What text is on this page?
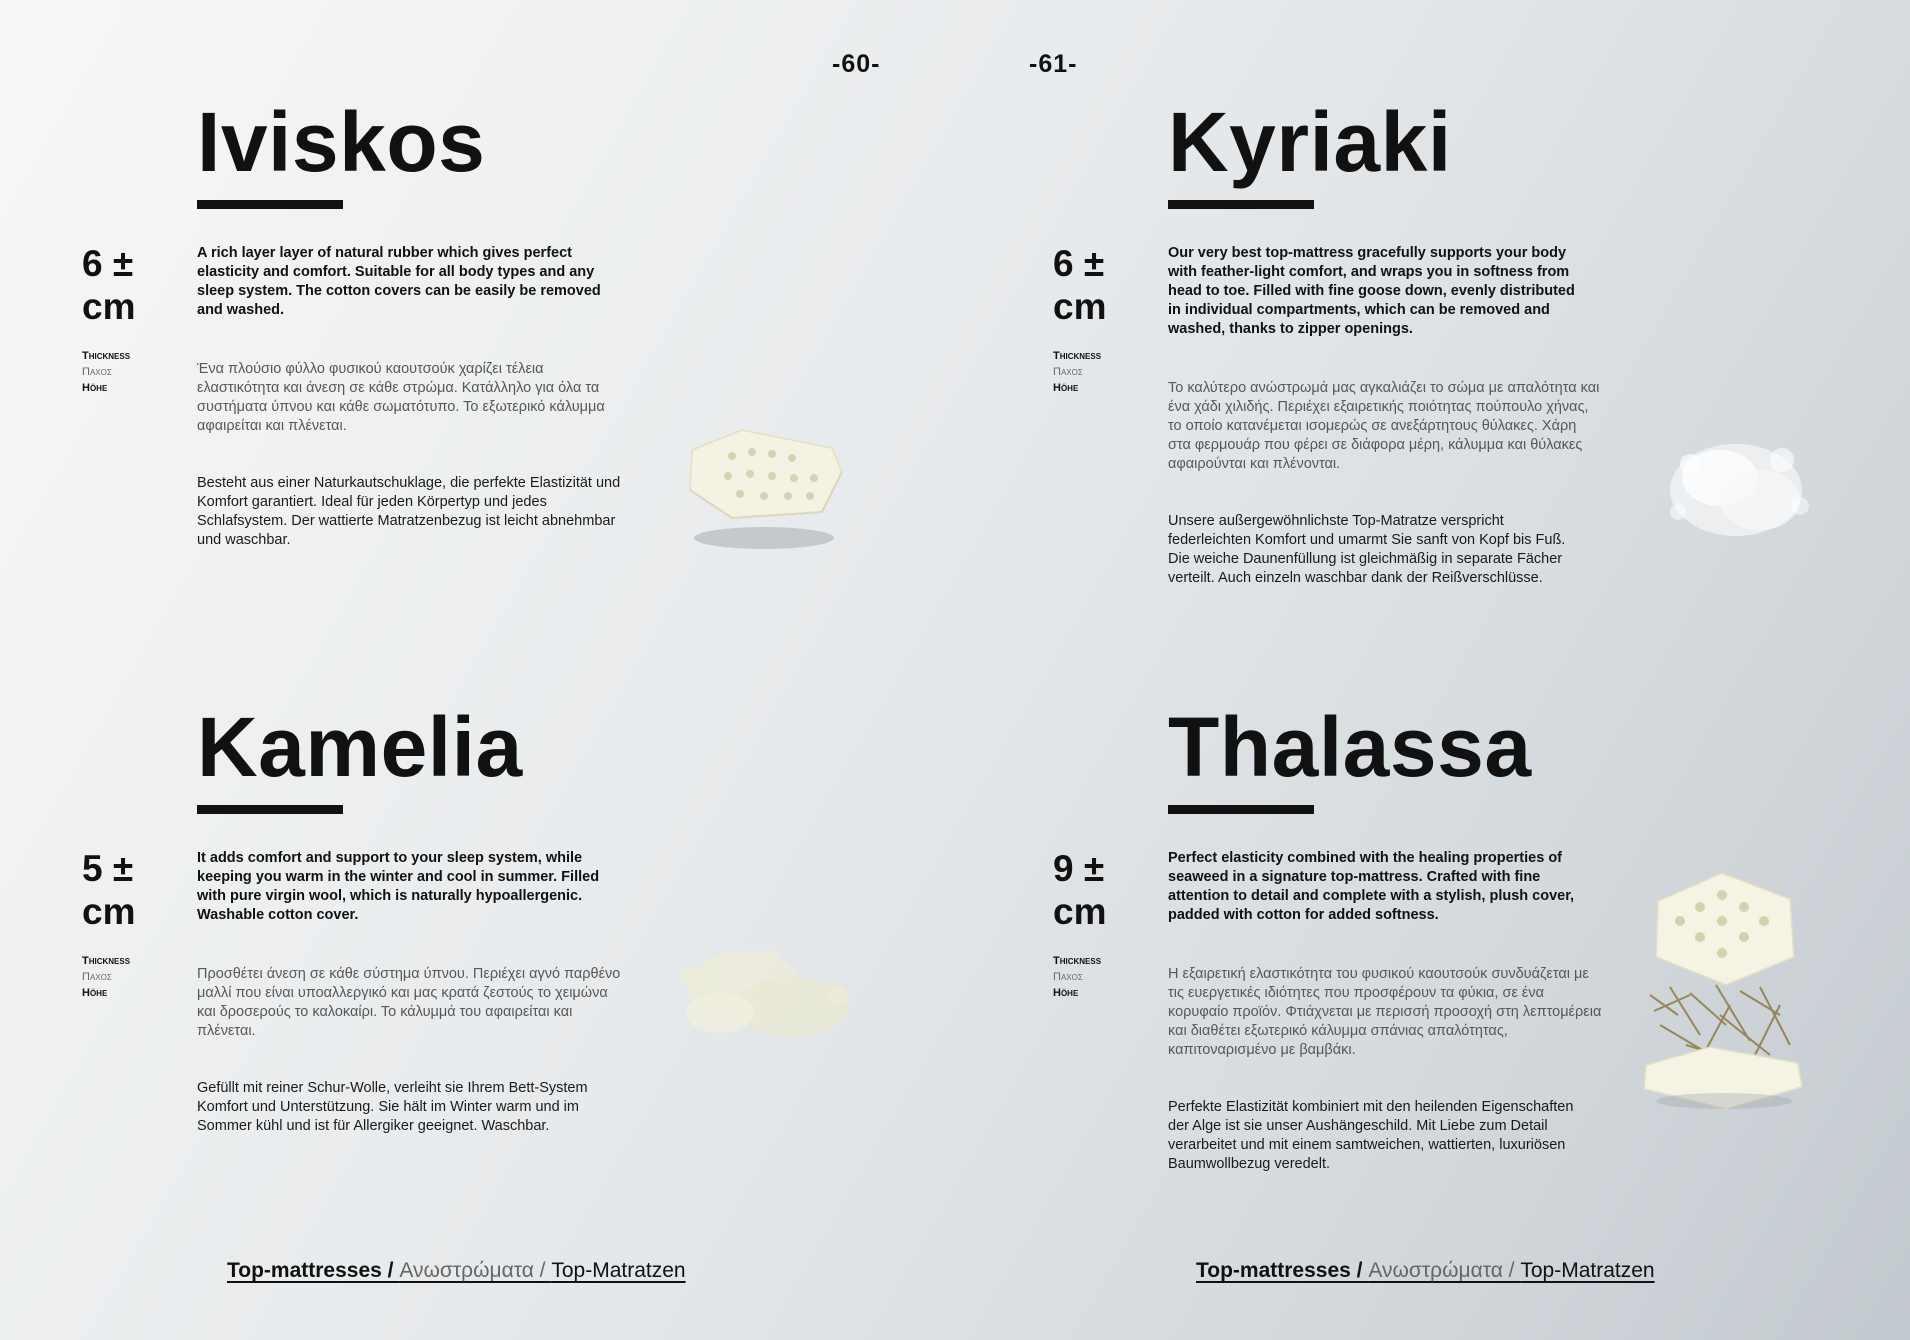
-60-	-61-
Iviskos
6 ± cm
Thickness
Παχος
Höhe

A rich layer layer of natural rubber which gives perfect elasticity and comfort. Suitable for all body types and any sleep system. The cotton covers can be easily be removed and washed.

Ένα πλούσιο φύλλο φυσικού καουτσούκ χαρίζει τέλεια ελαστικότητα και άνεση σε κάθε στρώμα. Κατάλληλο για όλα τα συστήματα ύπνου και κάθε σωματότυπο. Το εξωτερικό κάλυμμα αφαιρείται και πλένεται.

Besteht aus einer Naturkautschuklage, die perfekte Elastizität und Komfort garantiert. Ideal für jeden Körpertyp und jedes Schlafsystem. Der wattierte Matratzenbezug ist leicht abnehmbar und waschbar.

Kyriaki
6 ± cm
Thickness
Παχος
Höhe

Our very best top-mattress gracefully supports your body with feather-light comfort, and wraps you in softness from head to toe. Filled with fine goose down, evenly distributed in individual compartments, which can be removed and washed, thanks to zipper openings.

Το καλύτερο ανώστρωμά μας αγκαλιάζει το σώμα με απαλότητα και ένα χάδι χιλιδής. Περιέχει εξαιρετικής ποιότητας πούπουλο χήνας, το οποίο κατανέμεται ισομερώς σε ανεξάρτητους θύλακες. Χάρη στα φερμουάρ που φέρει σε διάφορα μέρη, κάλυμμα και θύλακες αφαιρούνται και πλένονται.

Unsere außergewöhnlichste Top-Matratze verspricht federleichten Komfort und umarmt Sie sanft von Kopf bis Fuß. Die weiche Daunenfüllung ist gleichmäßig in separate Fächer verteilt. Auch einzeln waschbar dank der Reißverschlüsse.

Kamelia
5 ± cm
Thickness
Παχος
Höhe

It adds comfort and support to your sleep system, while keeping you warm in the winter and cool in summer. Filled with pure virgin wool, which is naturally hypoallergenic. Washable cotton cover.

Προσθέτει άνεση σε κάθε σύστημα ύπνου. Περιέχει αγνό παρθένο μαλλί που είναι υποαλλεργικό και μας κρατά ζεστούς το χειμώνα και δροσερούς το καλοκαίρι. Το κάλυμμά του αφαιρείται και πλένεται.

Gefüllt mit reiner Schur-Wolle, verleiht sie Ihrem Bett-System Komfort und Unterstützung. Sie hält im Winter warm und im Sommer kühl und ist für Allergiker geeignet. Waschbar.

Thalassa
9 ± cm
Thickness
Παχος
Höhe

Perfect elasticity combined with the healing properties of seaweed in a signature top-mattress. Crafted with fine attention to detail and complete with a stylish, plush cover, padded with cotton for added softness.

Η εξαιρετική ελαστικότητα του φυσικού καουτσούκ συνδυάζεται με τις ευεργετικές ιδιότητες που προσφέρουν τα φύκια, σε ένα κορυφαίο προϊόν. Φτιάχνεται με περισσή προσοχή στη λεπτομέρεια και διαθέτει εξωτερικό κάλυμμα σπάνιας απαλότητας, καπιτοναρισμένο με βαμβάκι.

Perfekte Elastizität kombiniert mit den heilenden Eigenschaften der Alge ist sie unser Aushängeschild. Mit Liebe zum Detail verarbeitet und mit einem samtweichen, wattierten, luxuriösen Baumwollbezug veredelt.

Top-mattresses / Ανωστρώματα / Top-Matratzen	Top-mattresses / Ανωστρώματα / Top-Matratzen
